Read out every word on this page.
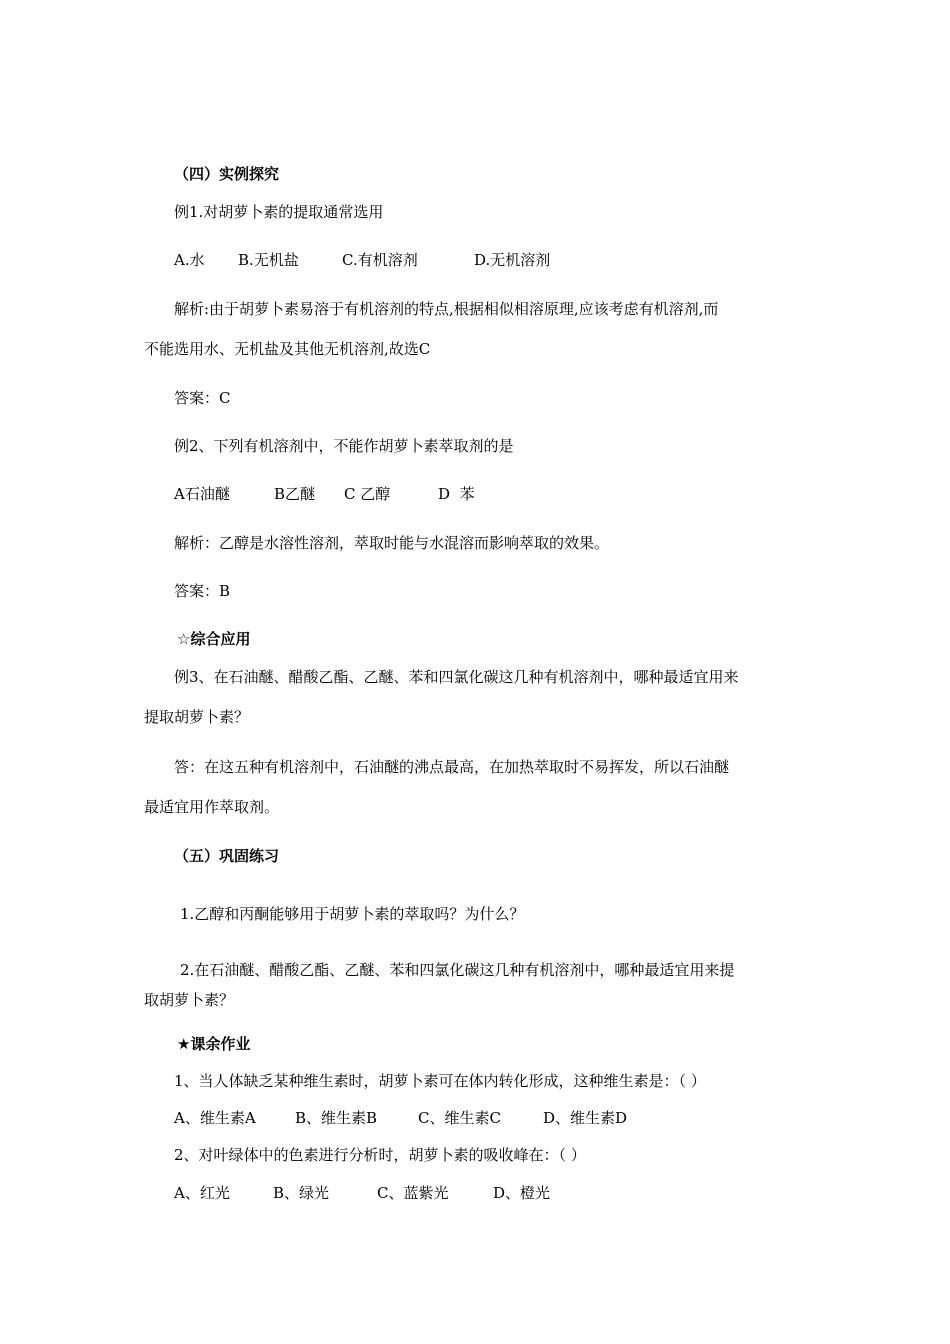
（四）实例探究
例1.对胡萝卜素的提取通常选用
A.水 B.无机盐	C.有机溶剂	D.无机溶剂
解析:由于胡萝卜素易溶于有机溶剂的特点,根据相似相溶原理,应该考虑有机溶剂,而
不能选用水、无机盐及其他无机溶剂,故选C
答案：C
例2、下列有机溶剂中，不能作胡萝卜素萃取剂的是
A石油醚	B乙醚 C 乙醇	D  苯
解析：乙醇是水溶性溶剂，萃取时能与水混溶而影响萃取的效果。
答案：B
☆综合应用
例3、在石油醚、醋酸乙酯、乙醚、苯和四氯化碳这几种有机溶剂中，哪种最适宜用来
提取胡萝卜素？
答：在这五种有机溶剂中，石油醚的沸点最高，在加热萃取时不易挥发，所以石油醚
最适宜用作萃取剂。
（五）巩固练习
1.乙醇和丙酮能够用于胡萝卜素的萃取吗？为什么？
2.在石油醚、醋酸乙酯、乙醚、苯和四氯化碳这几种有机溶剂中，哪种最适宜用来提
取胡萝卜素？
★课余作业
1、当人体缺乏某种维生素时，胡萝卜素可在体内转化形成，这种维生素是：（ ）
A、维生素A	B、维生素B	C、维生素C	D、维生素D
2、对叶绿体中的色素进行分析时，胡萝卜素的吸收峰在：（ ）
A、红光	B、绿光	C、蓝紫光	D、橙光
